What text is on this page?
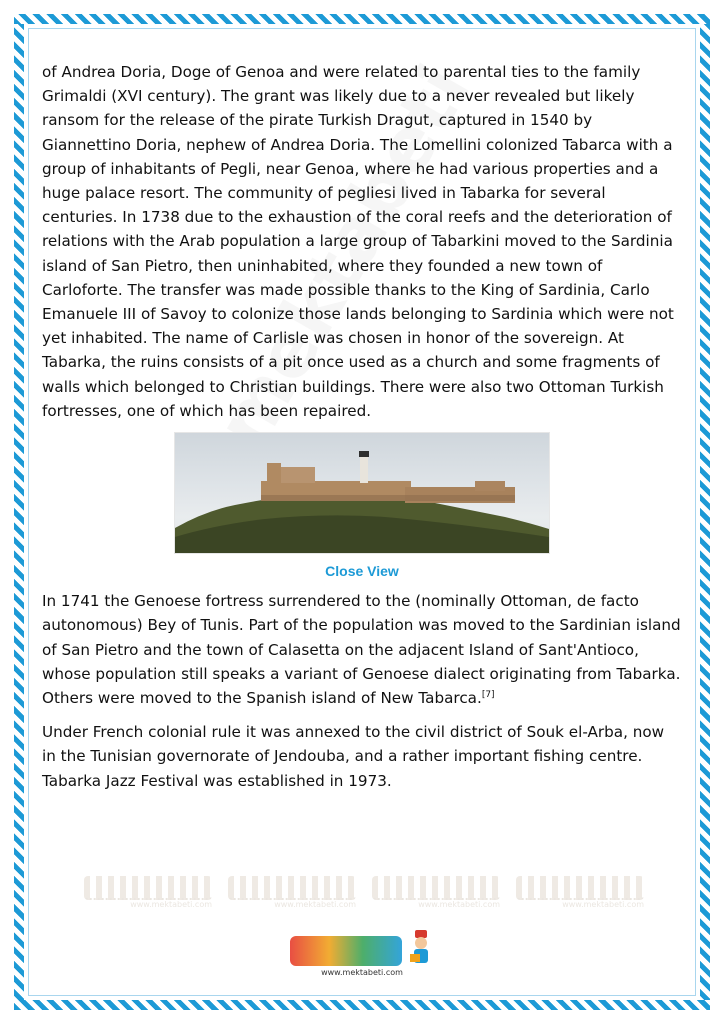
of Andrea Doria, Doge of Genoa and were related to parental ties to the family Grimaldi (XVI century). The grant was likely due to a never revealed but likely ransom for the release of the pirate Turkish Dragut, captured in 1540 by Giannettino Doria, nephew of Andrea Doria. The Lomellini colonized Tabarca with a group of inhabitants of Pegli, near Genoa, where he had various properties and a huge palace resort. The community of pegliesi lived in Tabarka for several centuries. In 1738 due to the exhaustion of the coral reefs and the deterioration of relations with the Arab population a large group of Tabarkini moved to the Sardinia island of San Pietro, then uninhabited, where they founded a new town of Carloforte. The transfer was made possible thanks to the King of Sardinia, Carlo Emanuele III of Savoy to colonize those lands belonging to Sardinia which were not yet inhabited. The name of Carlisle was chosen in honor of the sovereign. At Tabarka, the ruins consists of a pit once used as a church and some fragments of walls which belonged to Christian buildings. There were also two Ottoman Turkish fortresses, one of which has been repaired.

Close View

In 1741 the Genoese fortress surrendered to the (nominally Ottoman, de facto autonomous) Bey of Tunis. Part of the population was moved to the Sardinian island of San Pietro and the town of Calasetta on the adjacent Island of Sant'Antioco, whose population still speaks a variant of Genoese dialect originating from Tabarka. Others were moved to the Spanish island of New Tabarca.[7]

Under French colonial rule it was annexed to the civil district of Souk el-Arba, now in the Tunisian governorate of Jendouba, and a rather important fishing centre. Tabarka Jazz Festival was established in 1973.

www.mektabeti.com	www.mektabeti.com	www.mektabeti.com	www.mektabeti.com
www.mektabeti.com
